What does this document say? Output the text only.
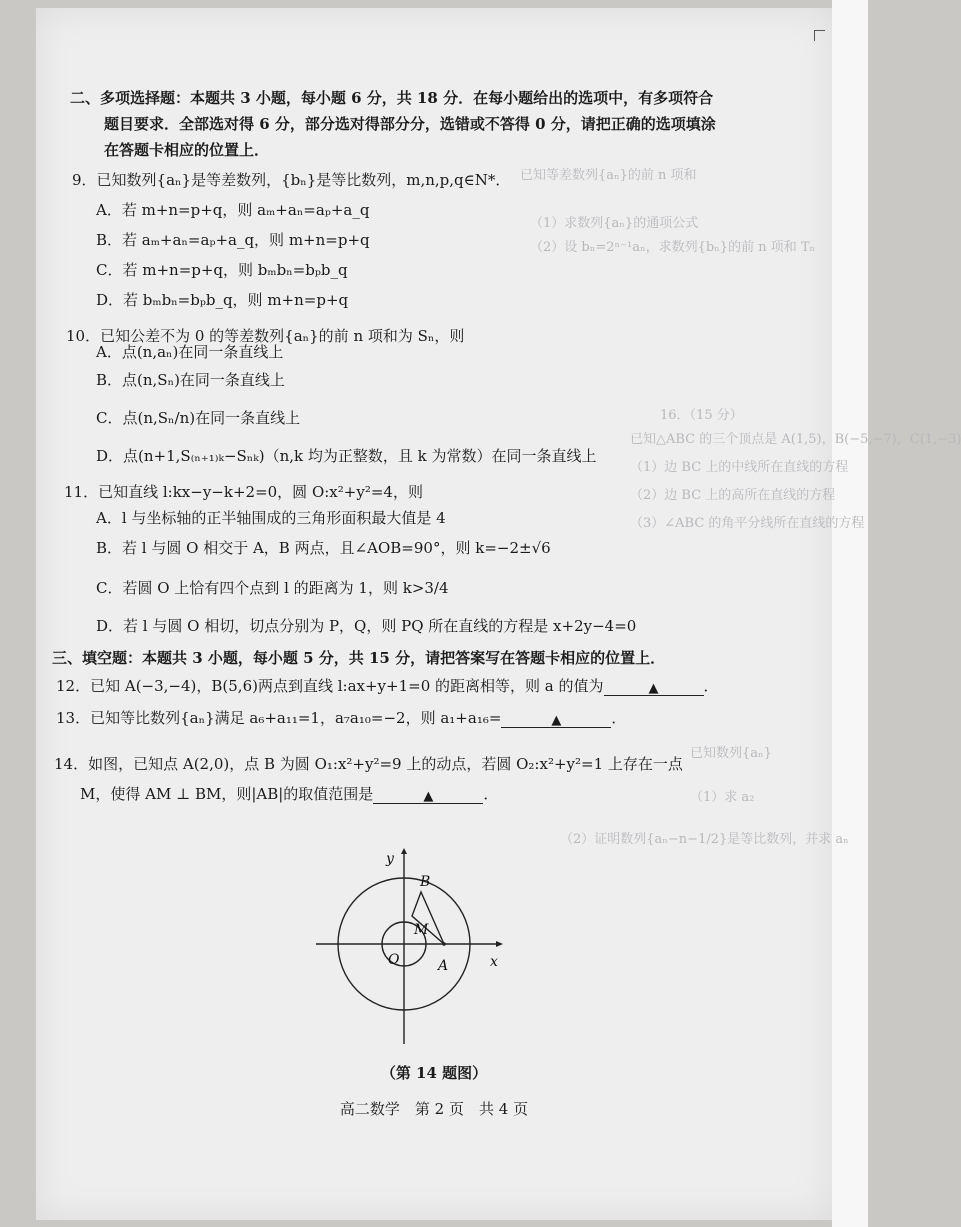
已知等差数列{aₙ}的前 n 项和
（1）求数列{aₙ}的通项公式
（2）设 bₙ=2ⁿ⁻¹aₙ，求数列{bₙ}的前 n 项和 Tₙ
16．（15 分）
已知△ABC 的三个顶点是 A(1,5)，B(−5,−7)，C(1,−3)
（1）边 BC 上的中线所在直线的方程
（2）边 BC 上的高所在直线的方程
（3）∠ABC 的角平分线所在直线的方程
已知数列{aₙ}
（1）求 a₂
（2）证明数列{aₙ−n−1/2}是等比数列，并求 aₙ
二、多项选择题：本题共 3 小题，每小题 6 分，共 18 分．在每小题给出的选项中，有多项符合
题目要求．全部选对得 6 分，部分选对得部分分，选错或不答得 0 分，请把正确的选项填涂
在答题卡相应的位置上．
9．已知数列{aₙ}是等差数列，{bₙ}是等比数列，m,n,p,q∈N*．
A．若 m+n=p+q，则 aₘ+aₙ=aₚ+a_q
B．若 aₘ+aₙ=aₚ+a_q，则 m+n=p+q
C．若 m+n=p+q，则 bₘbₙ=bₚb_q
D．若 bₘbₙ=bₚb_q，则 m+n=p+q
10．已知公差不为 0 的等差数列{aₙ}的前 n 项和为 Sₙ，则
A．点(n,aₙ)在同一条直线上
B．点(n,Sₙ)在同一条直线上
C．点(n,Sₙ/n)在同一条直线上
D．点(n+1,S₍ₙ₊₁₎ₖ−Sₙₖ)（n,k 均为正整数，且 k 为常数）在同一条直线上
11．已知直线 l:kx−y−k+2=0，圆 O:x²+y²=4，则
A．l 与坐标轴的正半轴围成的三角形面积最大值是 4
B．若 l 与圆 O 相交于 A，B 两点，且∠AOB=90°，则 k=−2±√6
C．若圆 O 上恰有四个点到 l 的距离为 1，则 k>3/4
D．若 l 与圆 O 相切，切点分别为 P，Q，则 PQ 所在直线的方程是 x+2y−4=0
三、填空题：本题共 3 小题，每小题 5 分，共 15 分，请把答案写在答题卡相应的位置上．
12．已知 A(−3,−4)，B(5,6)两点到直线 l:ax+y+1=0 的距离相等，则 a 的值为	▲	．
13．已知等比数列{aₙ}满足 a₆+a₁₁=1，a₇a₁₀=−2，则 a₁+a₁₆=	▲	．
14．如图，已知点 A(2,0)，点 B 为圆 O₁:x²+y²=9 上的动点，若圆 O₂:x²+y²=1 上存在一点
M，使得 AM ⊥ BM，则|AB|的取值范围是	▲	．
y
x
O	A
B
M
（第 14 题图）
高二数学　第 2 页　共 4 页
